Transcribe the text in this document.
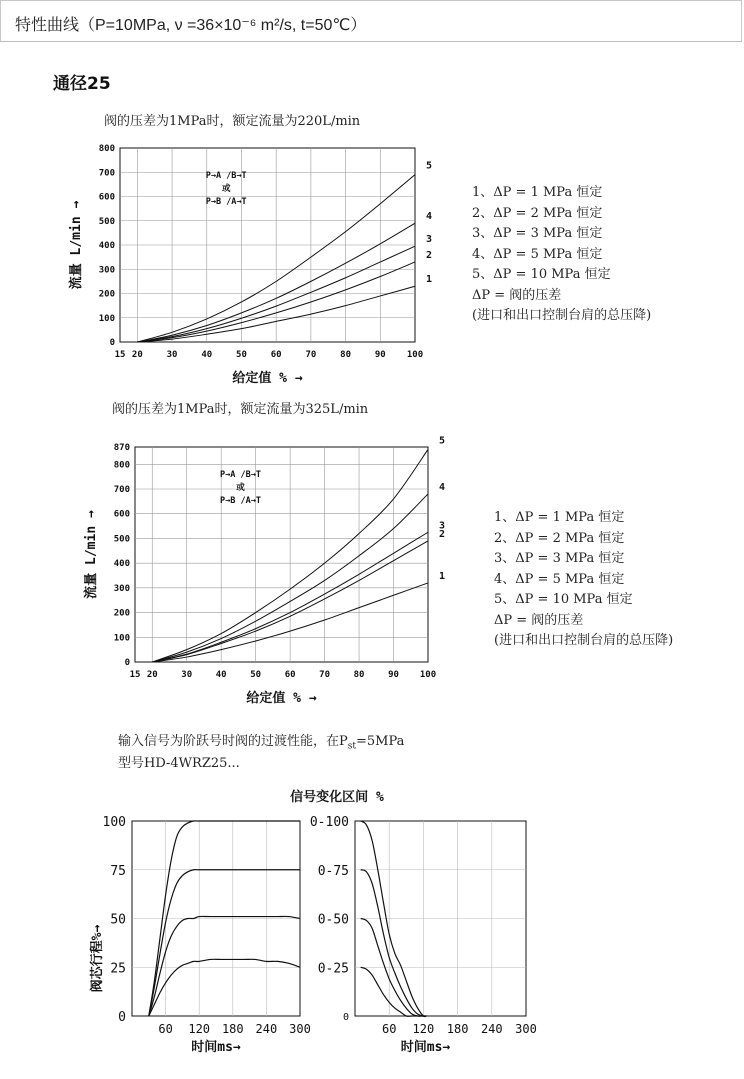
特性曲线（P=10MPa, ν =36×10⁻⁶ m²/s, t=50℃）
通径25
阀的压差为1MPa时，额定流量为220L/min
15 20	30	40	50	60	70	80	90 100
0
100
200
300
400
500
600
700
800
P→A /B→T
或
P→B /A→T
1
2
3
4
5
给定值 % →
流量 L/min →
1、ΔP = 1 MPa 恒定
2、ΔP = 2 MPa 恒定
3、ΔP = 3 MPa 恒定
4、ΔP = 5 MPa 恒定
5、ΔP = 10 MPa 恒定
ΔP = 阀的压差
(进口和出口控制台肩的总压降)
阀的压差为1MPa时，额定流量为325L/min
15 20	30	40	50	60	70	80	90 100
0
100
200
300
400
500
600
700
800
870
P→A /B→T
或
P→B /A→T
1
2
3
4
5
给定值 % →
流量 L/min →	1、ΔP = 1 MPa 恒定
2、ΔP = 2 MPa 恒定
3、ΔP = 3 MPa 恒定
4、ΔP = 5 MPa 恒定
5、ΔP = 10 MPa 恒定
ΔP = 阀的压差
(进口和出口控制台肩的总压降)
输入信号为阶跃号时阀的过渡性能，在$P_{st}=5MPa$
型号HD-4WRZ25...
信号变化区间 %
60 120 180 240 300
0
25
50
75
100
时间ms→
阀芯行程%→
60 120 180 240 300
0
0-25
0-50
0-75
0-100
时间ms→
